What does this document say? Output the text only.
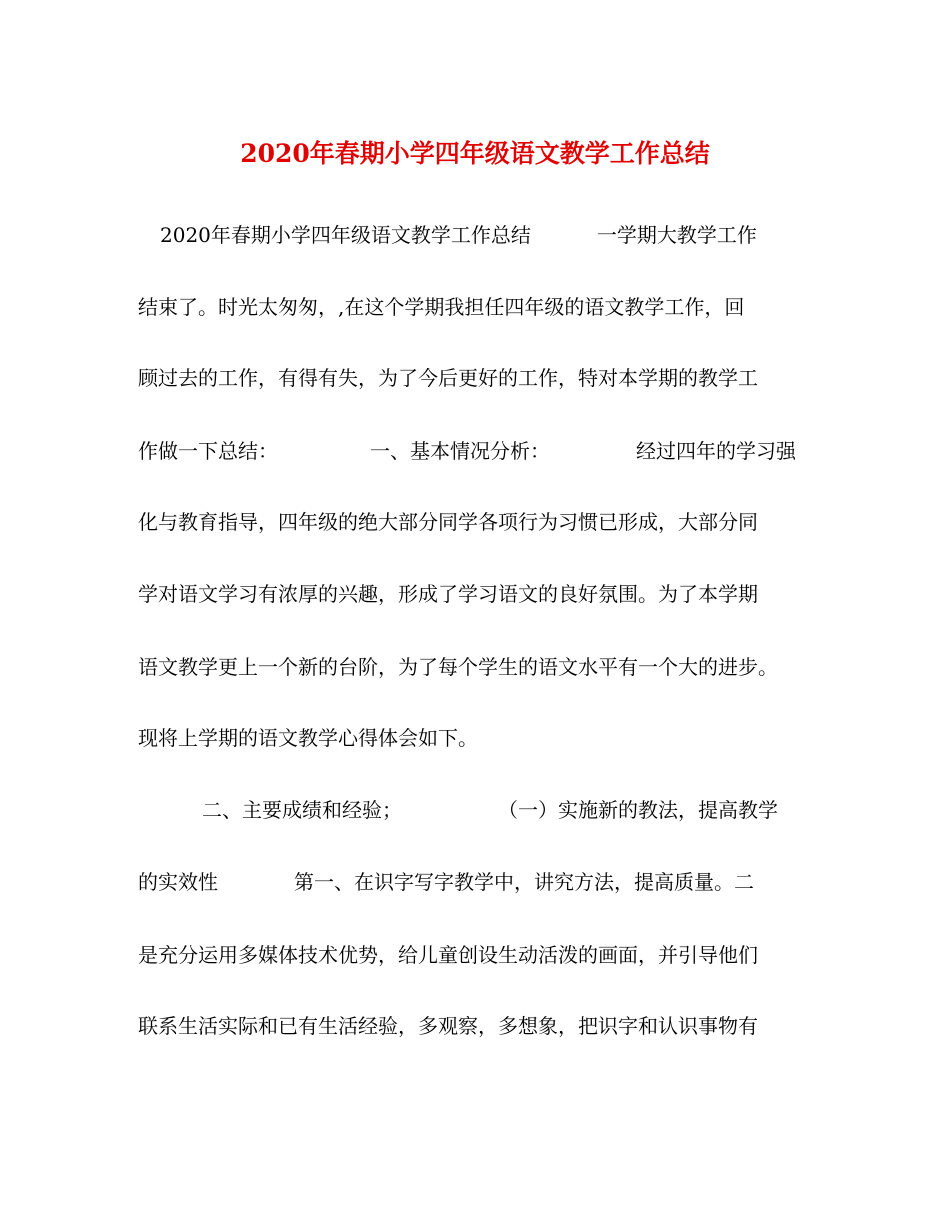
2020年春期小学四年级语文教学工作总结
2020年春期小学四年级语文教学工作总结	一学期大教学工作
结束了。时光太匆匆，,在这个学期我担任四年级的语文教学工作，回
顾过去的工作，有得有失，为了今后更好的工作，特对本学期的教学工
作做一下总结：	一、基本情况分析：	经过四年的学习强
化与教育指导，四年级的绝大部分同学各项行为习惯已形成，大部分同
学对语文学习有浓厚的兴趣，形成了学习语文的良好氛围。为了本学期
语文教学更上一个新的台阶，为了每个学生的语文水平有一个大的进步。
现将上学期的语文教学心得体会如下。
二、主要成绩和经验；	（一）实施新的教法，提高教学
的实效性	第一、在识字写字教学中，讲究方法，提高质量。二
是充分运用多媒体技术优势，给儿童创设生动活泼的画面，并引导他们
联系生活实际和已有生活经验，多观察，多想象，把识字和认识事物有
